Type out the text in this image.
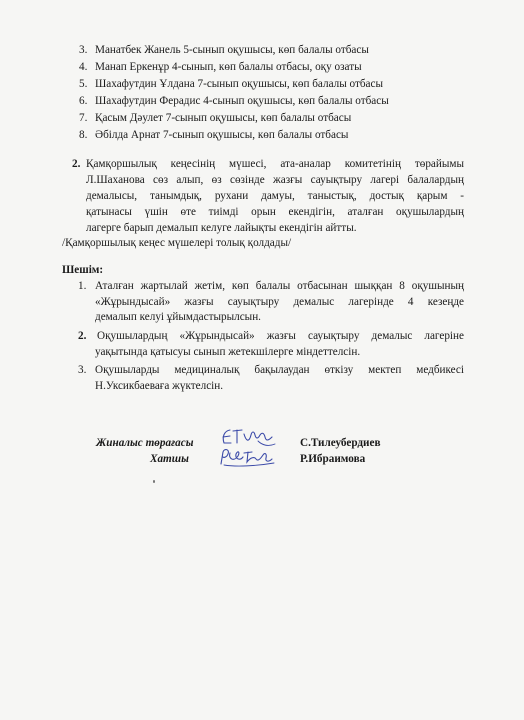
3. Манатбек Жанель 5-сынып оқушысы, көп балалы отбасы
4. Манап Еркенұр 4-сынып, көп балалы отбасы, оқу озаты
5. Шахафутдин Ұлдана 7-сынып оқушысы, көп балалы отбасы
6. Шахафутдин Ферадис 4-сынып оқушысы, көп балалы отбасы
7. Қасым Дәулет 7-сынып оқушысы, көп балалы отбасы
8. Әбілда Арнат 7-сынып оқушысы, көп балалы отбасы
2. Қамқоршылық кеңесінің мүшесі, ата-аналар комитетінің төрайымы
Л.Шаханова сөз алып, өз сөзінде жазғы сауықтыру лагері балалардың
демалысы, танымдық, рухани дамуы, таныстық, достық қарым -
қатынасы үшін өте тиімді орын екендігін, аталған оқушылардың
лагерге барып демалып келуге лайықты екендігін айтты.
/Қамқоршылық кеңес мүшелері толық қолдады/
Шешім:
1. Аталған жартылай жетім, көп балалы отбасынан шыққан 8 оқушының
«Жұрындысай» жазғы сауықтыру демалыс лагерінде 4 кезеңде
демалып келуі ұйымдастырылсын.
2. Оқушылардың «Жұрындысай» жазғы сауықтыру демалыс лагеріне
уақытында қатысуы сынып жетекшілерге міндеттелсін.
3. Оқушыларды медициналық бақылаудан өткізу мектеп медбикесі
Н.Уксикбаеваға жүктелсін.
Жиналыс төрағасы
Хатшы
С.Тилеубердиев
Р.Ибраимова
